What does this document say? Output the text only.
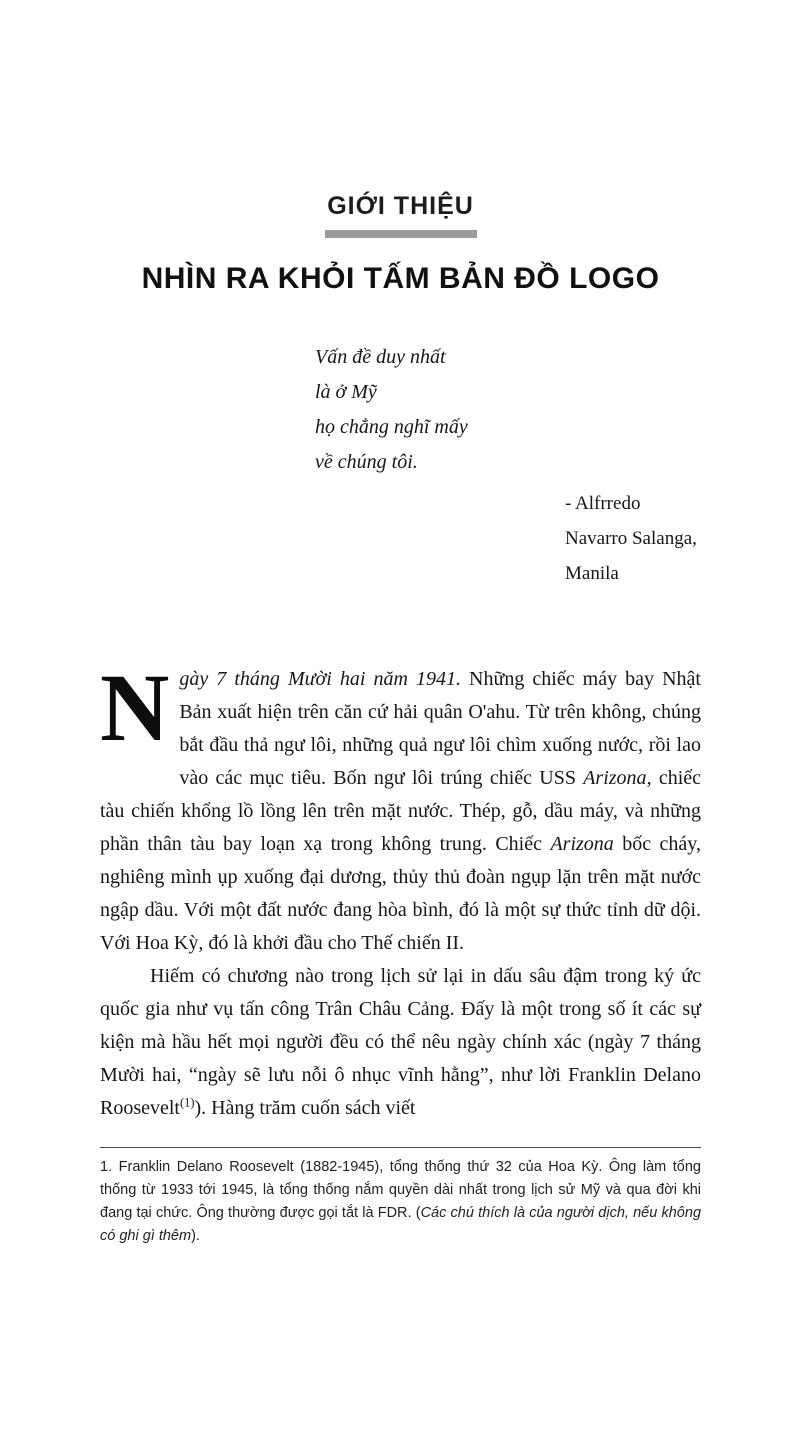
GIỚI THIỆU
NHÌN RA KHỎI TẤM BẢN ĐỒ LOGO
Vấn đề duy nhất
là ở Mỹ
họ chẳng nghĩ mấy
về chúng tôi.
- Alfrredo Navarro Salanga, Manila

Ngày 7 tháng Mười hai năm 1941. Những chiếc máy bay Nhật Bản xuất hiện trên căn cứ hải quân O'ahu. Từ trên không, chúng bắt đầu thả ngư lôi, những quả ngư lôi chìm xuống nước, rồi lao vào các mục tiêu. Bốn ngư lôi trúng chiếc USS Arizona, chiếc tàu chiến khổng lồ lồng lên trên mặt nước. Thép, gỗ, dầu máy, và những phần thân tàu bay loạn xạ trong không trung. Chiếc Arizona bốc cháy, nghiêng mình ụp xuống đại dương, thủy thủ đoàn ngụp lặn trên mặt nước ngập dầu. Với một đất nước đang hòa bình, đó là một sự thức tỉnh dữ dội. Với Hoa Kỳ, đó là khởi đầu cho Thế chiến II.

Hiếm có chương nào trong lịch sử lại in dấu sâu đậm trong ký ức quốc gia như vụ tấn công Trân Châu Cảng. Đấy là một trong số ít các sự kiện mà hầu hết mọi người đều có thể nêu ngày chính xác (ngày 7 tháng Mười hai, “ngày sẽ lưu nỗi ô nhục vĩnh hằng”, như lời Franklin Delano Roosevelt$^{(1)}$). Hàng trăm cuốn sách viết

1. Franklin Delano Roosevelt (1882-1945), tổng thống thứ 32 của Hoa Kỳ. Ông làm tổng thống từ 1933 tới 1945, là tổng thống nắm quyền dài nhất trong lịch sử Mỹ và qua đời khi đang tại chức. Ông thường được gọi tắt là FDR. (Các chú thích là của người dịch, nếu không có ghi gì thêm).
